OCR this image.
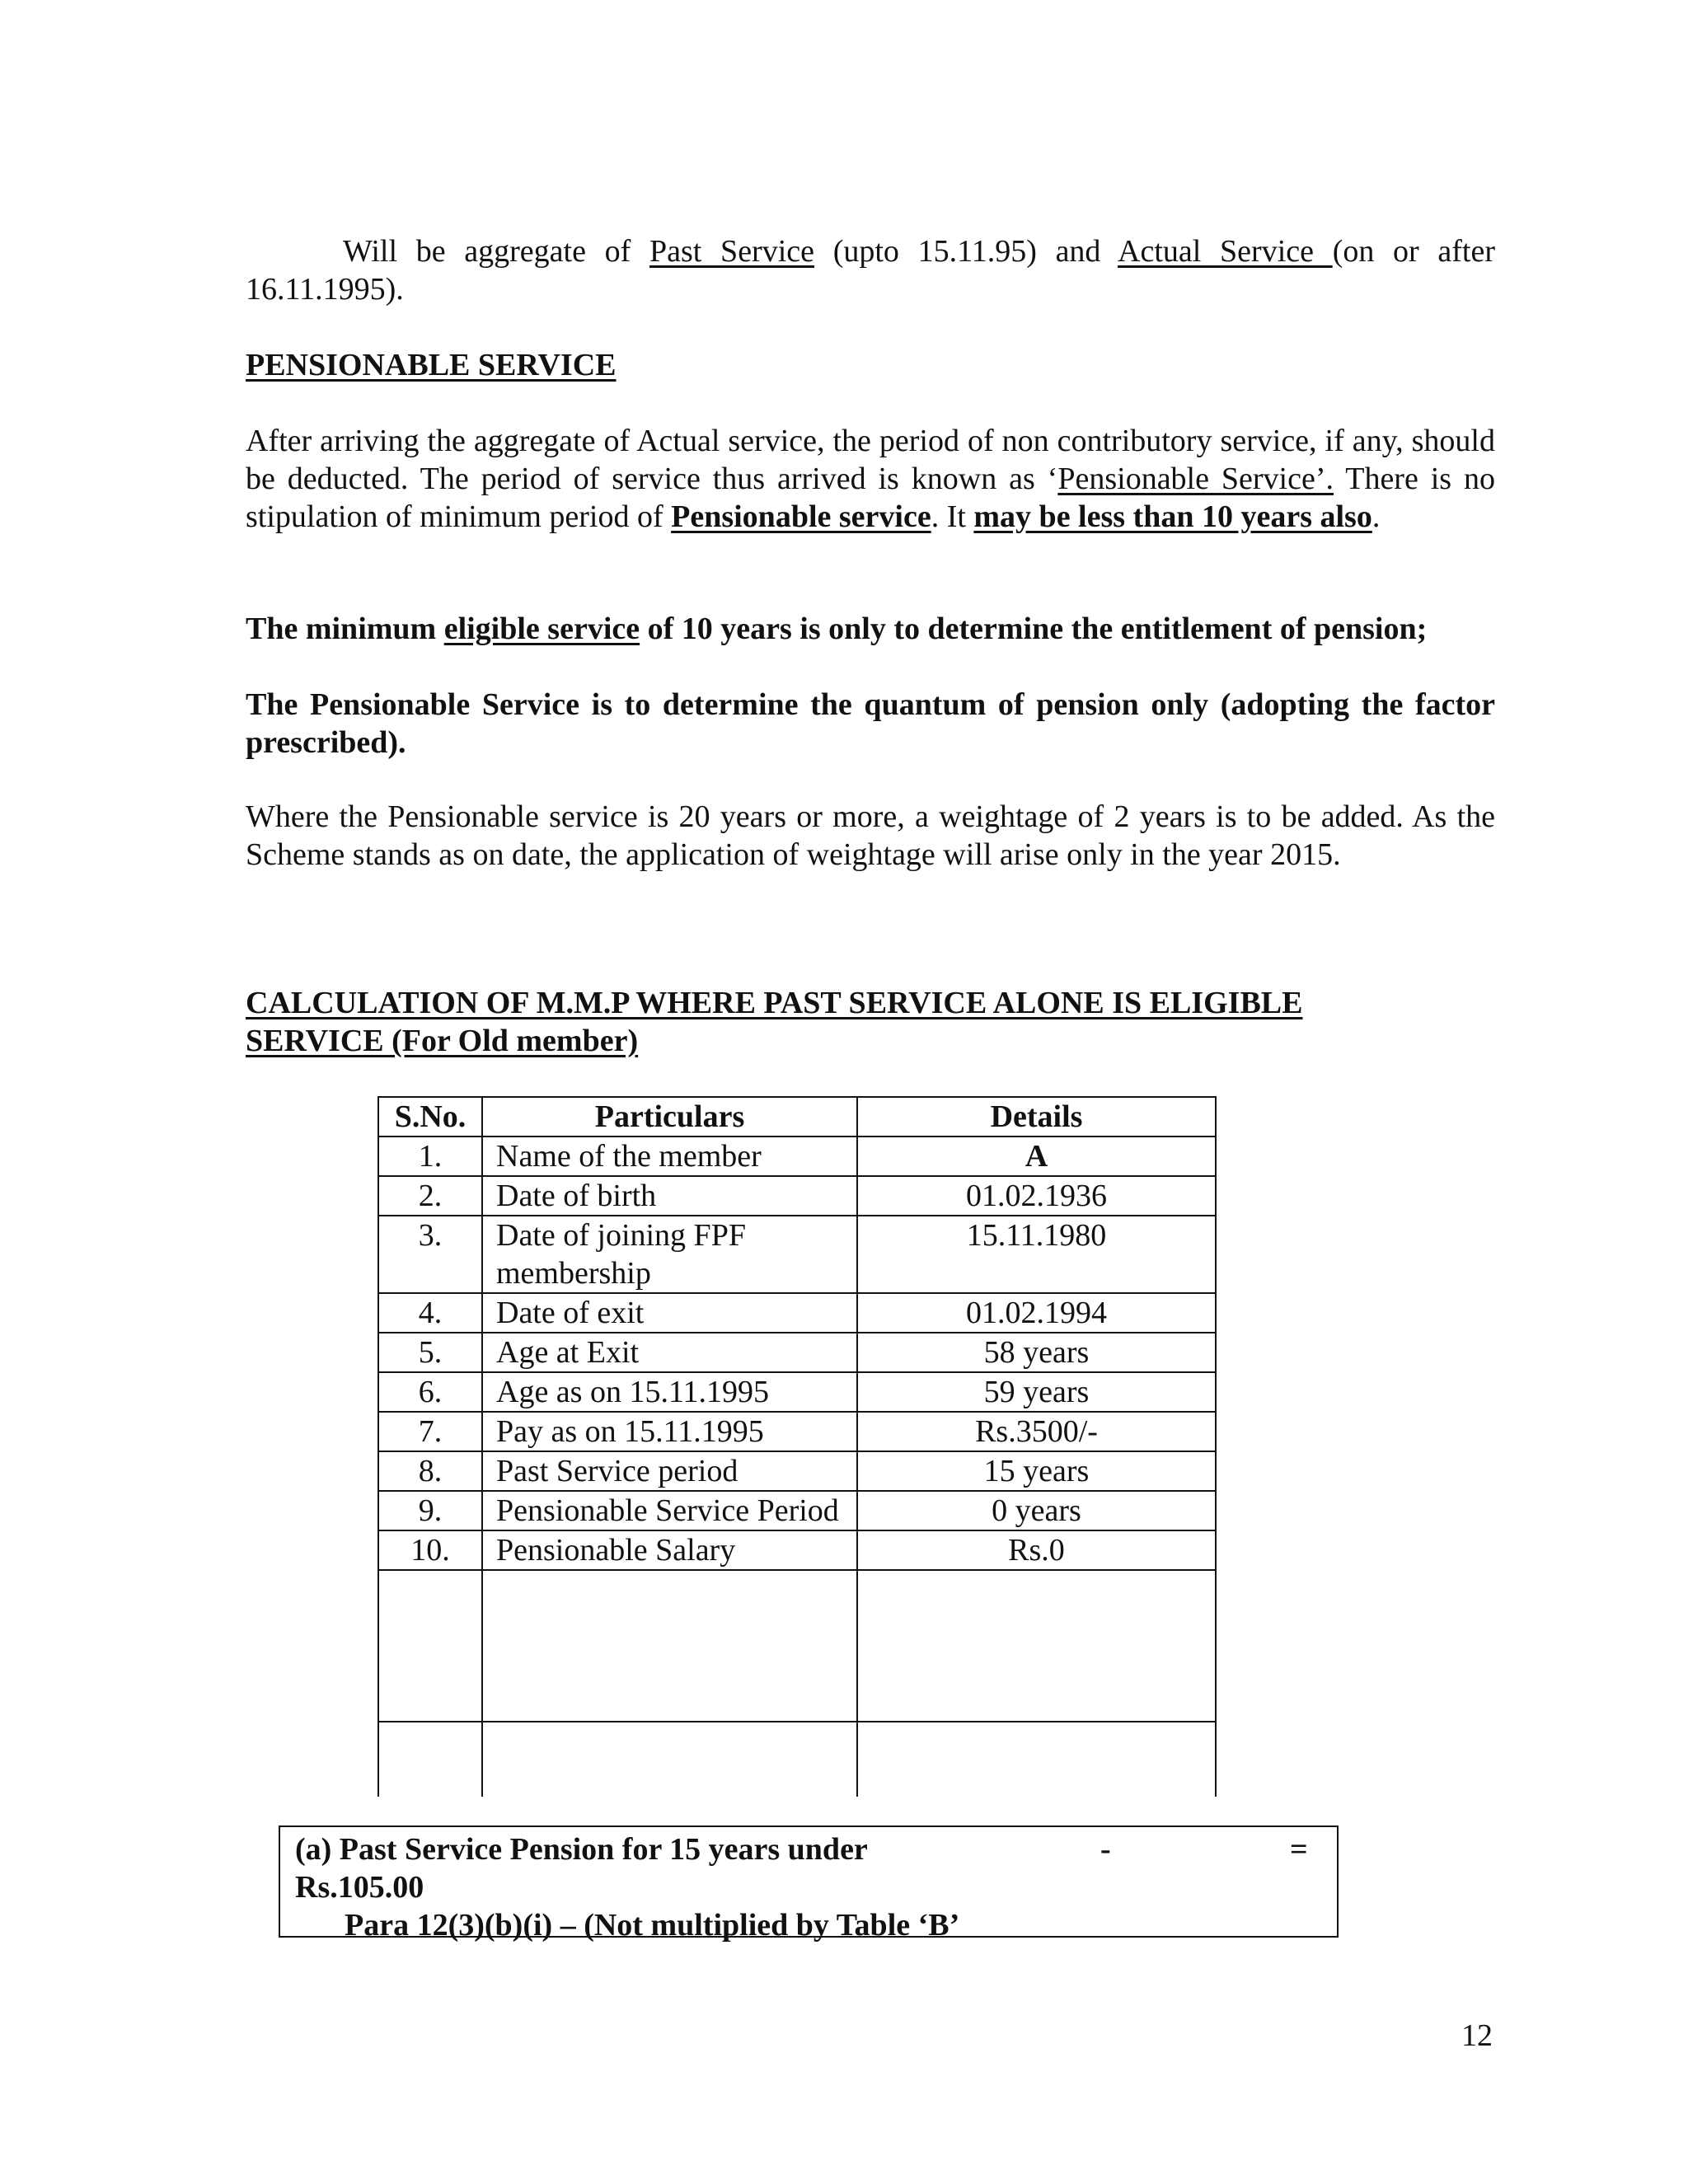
Will be aggregate of Past Service (upto 15.11.95) and Actual Service (on or after 16.11.1995).
PENSIONABLE SERVICE
After arriving the aggregate of Actual service, the period of non contributory service, if any, should be deducted. The period of service thus arrived is known as ‘Pensionable Service’. There is no stipulation of minimum period of Pensionable service. It may be less than 10 years also.
The minimum eligible service of 10 years is only to determine the entitlement of pension;
The Pensionable Service is to determine the quantum of pension only (adopting the factor prescribed).
Where the Pensionable service is 20 years or more, a weightage of 2 years is to be added. As the Scheme stands as on date, the application of weightage will arise only in the year 2015.
CALCULATION OF M.M.P WHERE PAST SERVICE ALONE IS ELIGIBLE SERVICE (For Old member)
S.No.	Particulars	Details
1.	Name of the member	A
2.	Date of birth	01.02.1936
3.	Date of joining FPF membership	15.11.1980
4.	Date of exit	01.02.1994
5.	Age at Exit	58 years
6.	Age as on 15.11.1995	59 years
7.	Pay as on 15.11.1995	Rs.3500/-
8.	Past Service period	15 years
9.	Pensionable Service Period	0 years
10.	Pensionable Salary	Rs.0

(a) Past Service Pension for 15 years under	-	=
Rs.105.00
Para 12(3)(b)(i) – (Not multiplied by Table ‘B’
12
